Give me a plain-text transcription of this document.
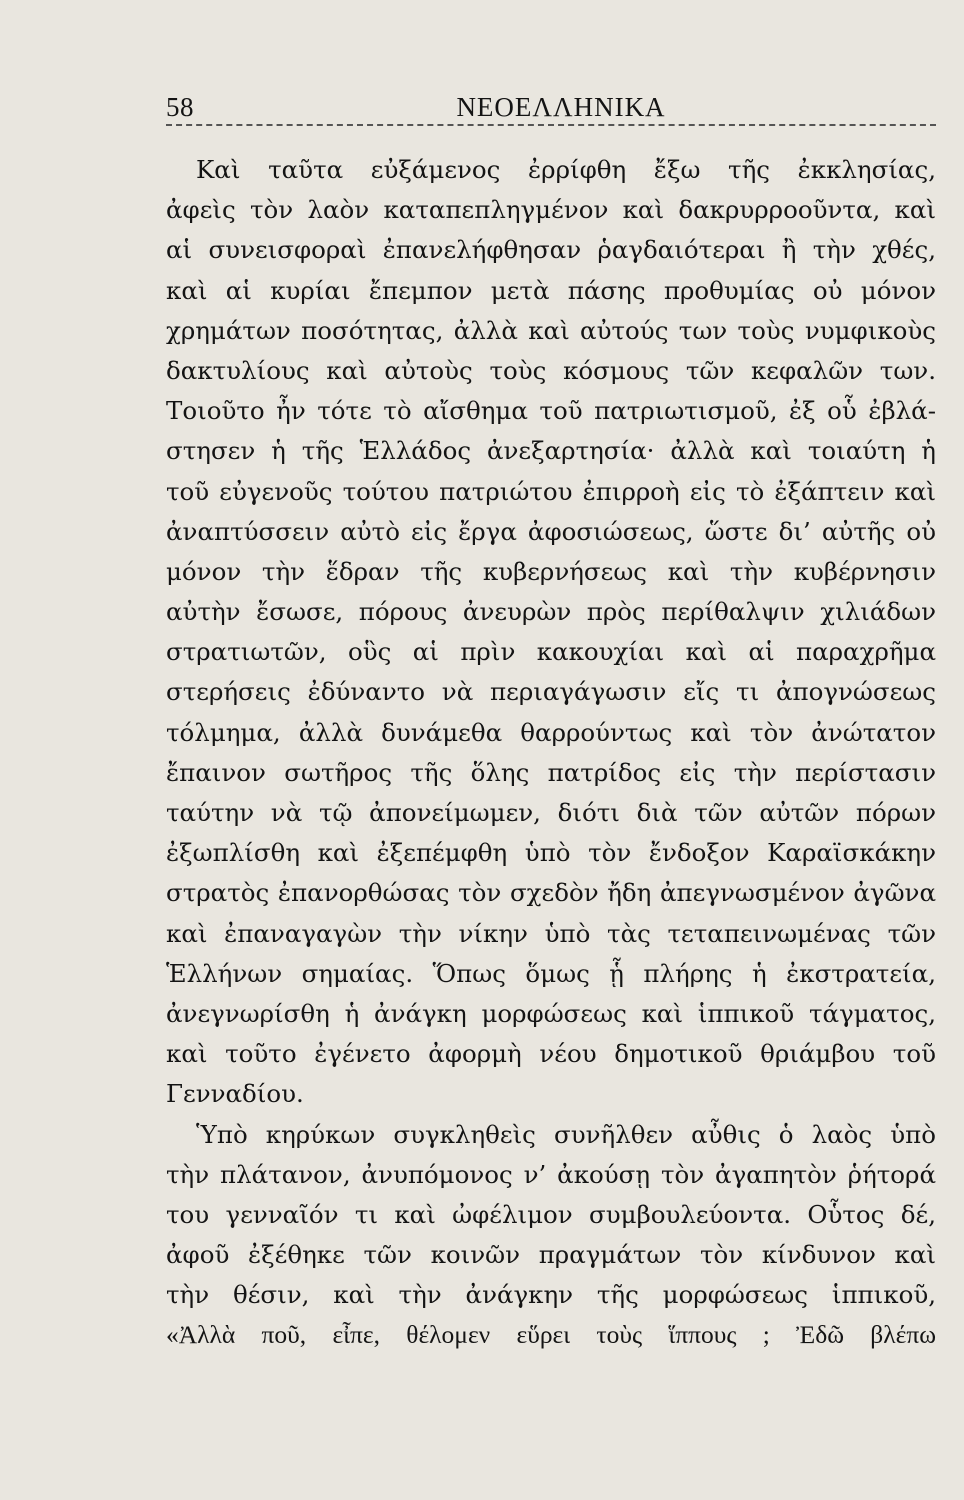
58	ΝΕΟΕΛΛΗΝΙΚΑ
Καὶ ταῦτα εὐξάμενος ἐρρίφθη ἔξω τῆς ἐκκλησίας,
ἀφεὶς τὸν λαὸν καταπεπληγμένον καὶ δακρυρροοῦντα, καὶ
αἱ συνεισφοραὶ ἐπανελήφθησαν ῥαγδαιότεραι ἢ τὴν χθές,
καὶ αἱ κυρίαι ἔπεμπον μετὰ πάσης προθυμίας οὐ μόνον
χρημάτων ποσότητας, ἀλλὰ καὶ αὐτούς των τοὺς νυμφικοὺς
δακτυλίους καὶ αὐτοὺς τοὺς κόσμους τῶν κεφαλῶν των.
Τοιοῦτο ἦν τότε τὸ αἴσθημα τοῦ πατριωτισμοῦ, ἐξ οὗ ἐβλά-
στησεν ἡ τῆς Ἑλλάδος ἀνεξαρτησία· ἀλλὰ καὶ τοιαύτη ἡ
τοῦ εὐγενοῦς τούτου πατριώτου ἐπιρροὴ εἰς τὸ ἐξάπτειν καὶ
ἀναπτύσσειν αὐτὸ εἰς ἔργα ἀφοσιώσεως, ὥστε δι’ αὐτῆς οὐ
μόνον τὴν ἕδραν τῆς κυβερνήσεως καὶ τὴν κυβέρνησιν
αὐτὴν ἔσωσε, πόρους ἀνευρὼν πρὸς περίθαλψιν χιλιάδων
στρατιωτῶν, οὓς αἱ πρὶν κακουχίαι καὶ αἱ παραχρῆμα
στερήσεις ἐδύναντο νὰ περιαγάγωσιν εἴς τι ἀπογνώσεως
τόλμημα, ἀλλὰ δυνάμεθα θαρρούντως καὶ τὸν ἀνώτατον
ἔπαινον σωτῆρος τῆς ὅλης πατρίδος εἰς τὴν περίστασιν
ταύτην νὰ τῷ ἀπονείμωμεν, διότι διὰ τῶν αὐτῶν πόρων
ἐξωπλίσθη καὶ ἐξεπέμφθη ὑπὸ τὸν ἔνδοξον Καραϊσκάκην
στρατὸς ἐπανορθώσας τὸν σχεδὸν ἤδη ἀπεγνωσμένον ἀγῶνα
καὶ ἐπαναγαγὼν τὴν νίκην ὑπὸ τὰς τεταπεινωμένας τῶν
Ἑλλήνων σημαίας. Ὅπως ὅμως ᾗ πλήρης ἡ ἐκστρατεία,
ἀνεγνωρίσθη ἡ ἀνάγκη μορφώσεως καὶ ἱππικοῦ τάγματος,
καὶ τοῦτο ἐγένετο ἀφορμὴ νέου δημοτικοῦ θριάμβου τοῦ
Γενναδίου.
Ὑπὸ κηρύκων συγκληθεὶς συνῆλθεν αὖθις ὁ λαὸς ὑπὸ
τὴν πλάτανον, ἀνυπόμονος ν’ ἀκούσῃ τὸν ἀγαπητὸν ῥήτορά
του γενναῖόν τι καὶ ὠφέλιμον συμβουλεύοντα. Οὗτος δέ,
ἀφοῦ ἐξέθηκε τῶν κοινῶν πραγμάτων τὸν κίνδυνον καὶ
τὴν θέσιν, καὶ τὴν ἀνάγκην τῆς μορφώσεως ἱππικοῦ,
«Ἀλλὰ ποῦ, εἶπε, θέλομεν εὕρει τοὺς ἵππους ; Ἐδῶ βλέπω
